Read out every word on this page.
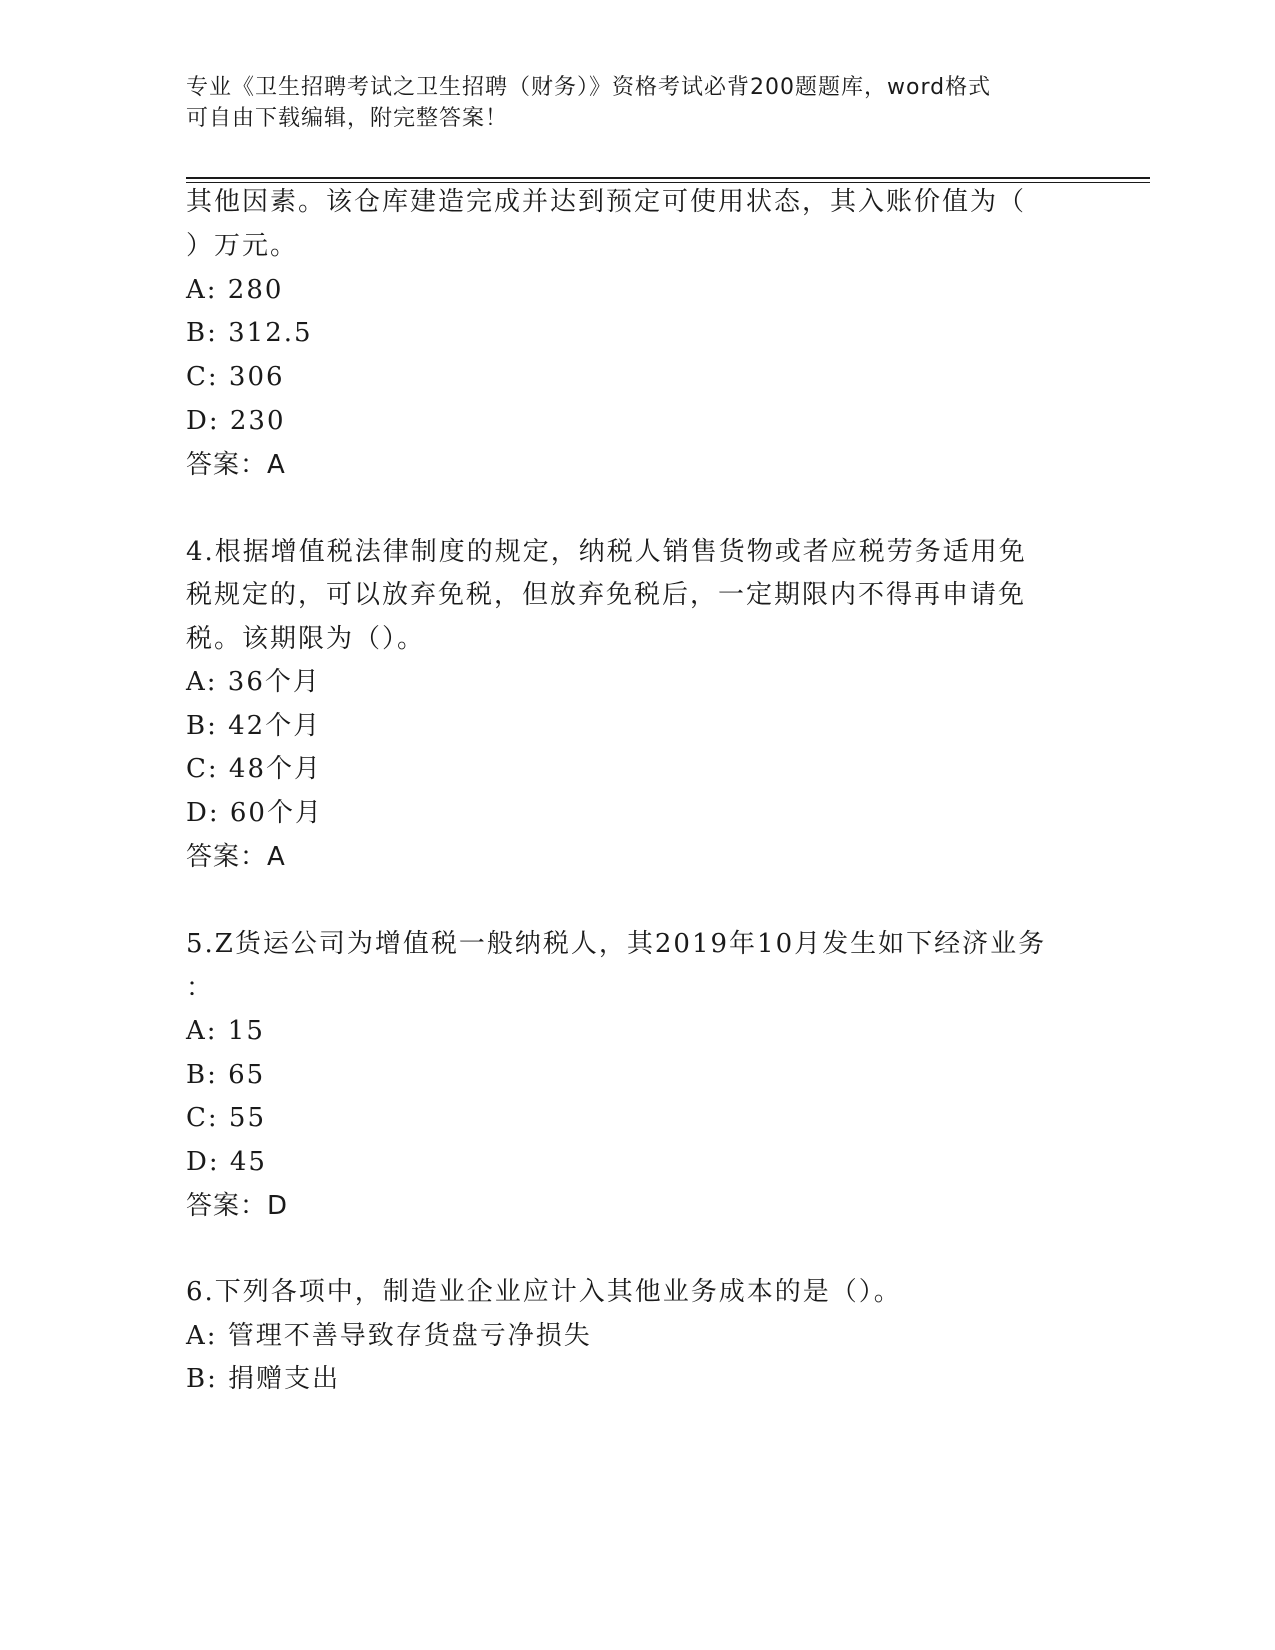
专业《卫生招聘考试之卫生招聘（财务）》资格考试必背200题题库，word格式
可自由下载编辑，附完整答案！
其他因素。该仓库建造完成并达到预定可使用状态，其入账价值为（
）万元。
A: 280
B: 312.5
C: 306
D: 230
答案：A
4.根据增值税法律制度的规定，纳税人销售货物或者应税劳务适用免
税规定的，可以放弃免税，但放弃免税后，一定期限内不得再申请免
税。该期限为（）。
A: 36个月
B: 42个月
C: 48个月
D: 60个月
答案：A
5.Z货运公司为增值税一般纳税人，其2019年10月发生如下经济业务
：
A: 15
B: 65
C: 55
D: 45
答案：D
6.下列各项中，制造业企业应计入其他业务成本的是（）。
A: 管理不善导致存货盘亏净损失
B: 捐赠支出
